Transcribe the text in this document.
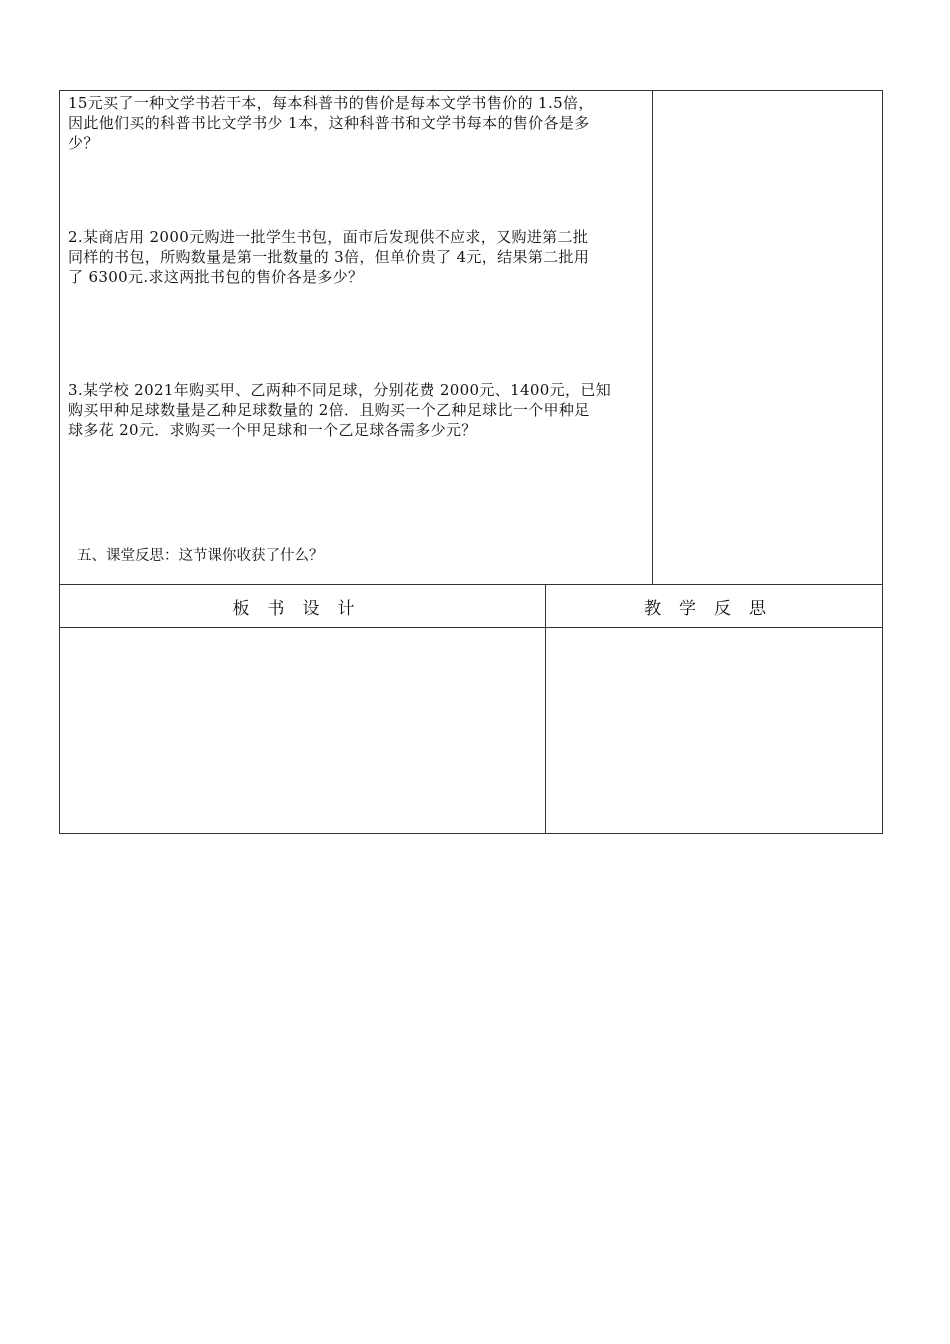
15元买了一种文学书若干本，每本科普书的售价是每本文学书售价的 1.5倍，

因此他们买的科普书比文学书少 1本，这种科普书和文学书每本的售价各是多

少？

2.某商店用 2000元购进一批学生书包，面市后发现供不应求，又购进第二批

同样的书包，所购数量是第一批数量的 3倍，但单价贵了 4元，结果第二批用

了 6300元.求这两批书包的售价各是多少？

3.某学校 2021年购买甲、乙两种不同足球，分别花费 2000元、1400元，已知

购买甲种足球数量是乙种足球数量的 2倍．且购买一个乙种足球比一个甲种足

球多花 20元．求购买一个甲足球和一个乙足球各需多少元？

五、课堂反思：这节课你收获了什么？
板书设计	教学反思
